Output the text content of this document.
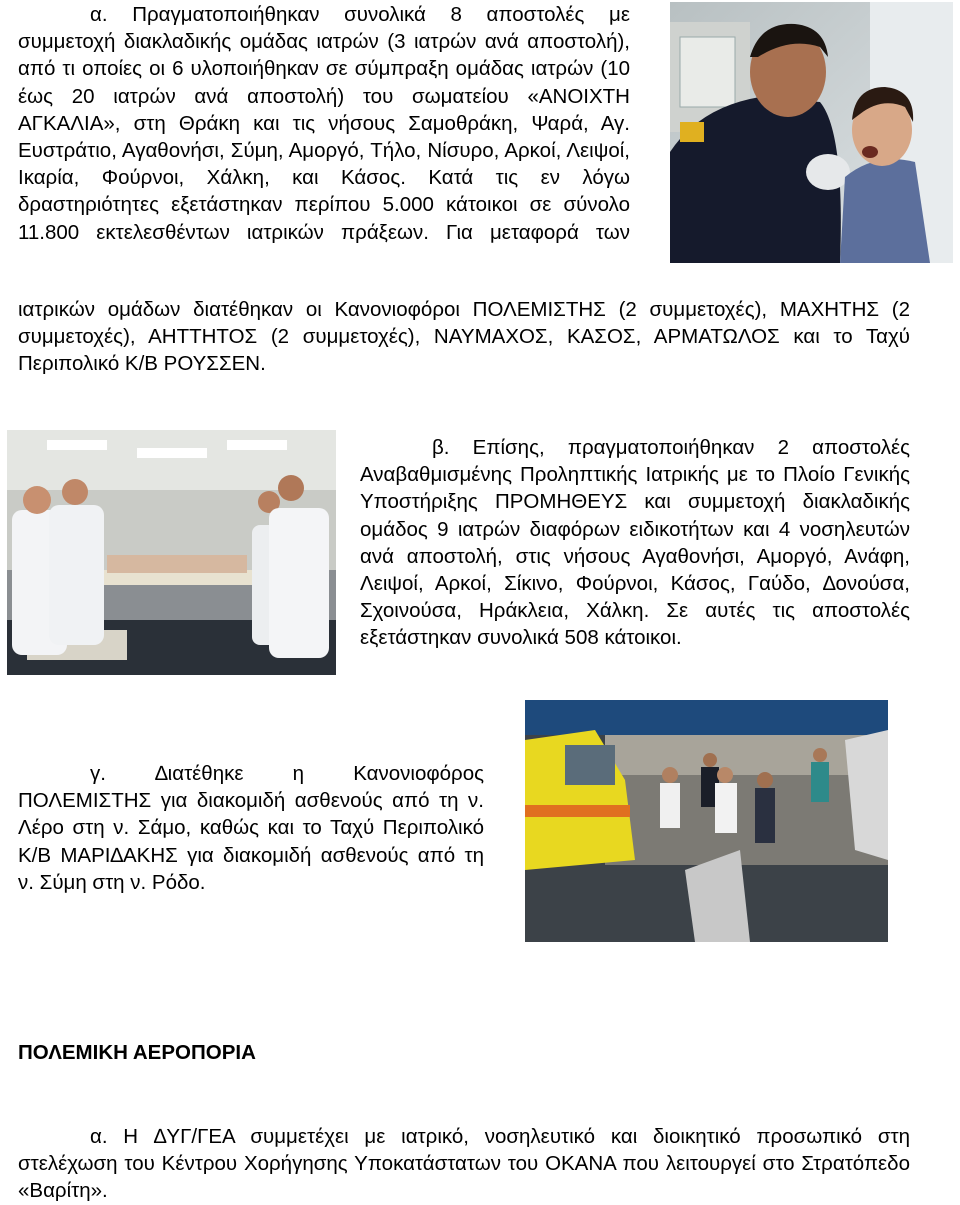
α. Πραγματοποιήθηκαν συνολικά 8 αποστολές με συμμετοχή διακλαδικής ομάδας ιατρών (3 ιατρών ανά αποστολή), από τι οποίες οι 6 υλοποιήθηκαν σε σύμπραξη ομάδας ιατρών (10 έως 20 ιατρών ανά αποστολή) του σωματείου «ΑΝΟΙΧΤΗ ΑΓΚΑΛΙΑ», στη Θράκη και τις νήσους Σαμοθράκη, Ψαρά, Αγ. Ευστράτιο, Αγαθονήσι, Σύμη, Αμοργό, Τήλο, Νίσυρο, Αρκοί, Λειψοί, Ικαρία, Φούρνοι, Χάλκη, και Κάσος. Κατά τις εν λόγω δραστηριότητες εξετάστηκαν περίπου 5.000 κάτοικοι σε σύνολο 11.800 εκτελεσθέντων ιατρικών πράξεων. Για μεταφορά των

ιατρικών ομάδων διατέθηκαν οι Κανονιοφόροι ΠΟΛΕΜΙΣΤΗΣ (2 συμμετοχές), ΜΑΧΗΤΗΣ (2 συμμετοχές), ΑΗΤΤΗΤΟΣ (2 συμμετοχές), ΝΑΥΜΑΧΟΣ, ΚΑΣΟΣ, ΑΡΜΑΤΩΛΟΣ και το Ταχύ Περιπολικό Κ/Β ΡΟΥΣΣΕΝ.

β. Επίσης, πραγματοποιήθηκαν 2 αποστολές Αναβαθμισμένης Προληπτικής Ιατρικής με το Πλοίο Γενικής Υποστήριξης ΠΡΟΜΗΘΕΥΣ και συμμετοχή διακλαδικής ομάδος 9 ιατρών διαφόρων ειδικοτήτων και 4 νοσηλευτών ανά αποστολή, στις νήσους Αγαθονήσι, Αμοργό, Ανάφη, Λειψοί, Αρκοί, Σίκινο, Φούρνοι, Κάσος, Γαύδο, ∆ονούσα, Σχοινούσα, Ηράκλεια, Χάλκη. Σε αυτές τις αποστολές εξετάστηκαν συνολικά 508 κάτοικοι.

γ. ∆ιατέθηκε η Κανονιοφόρος ΠΟΛΕΜΙΣΤΗΣ για διακομιδή ασθενούς από τη ν. Λέρο στη ν. Σάμο, καθώς και το Ταχύ Περιπολικό Κ/Β ΜΑΡΙ∆ΑΚΗΣ για διακομιδή ασθενούς από τη ν. Σύμη στη ν. Ρόδο.

ΠΟΛΕΜΙΚΗ ΑΕΡΟΠΟΡΙΑ

α. Η ∆ΥΓ/ΓΕΑ συμμετέχει με ιατρικό, νοσηλευτικό και διοικητικό προσωπικό στη στελέχωση του Κέντρου Χορήγησης Υποκατάστατων του ΟΚΑΝΑ που λειτουργεί στο Στρατόπεδο «Βαρίτη».
